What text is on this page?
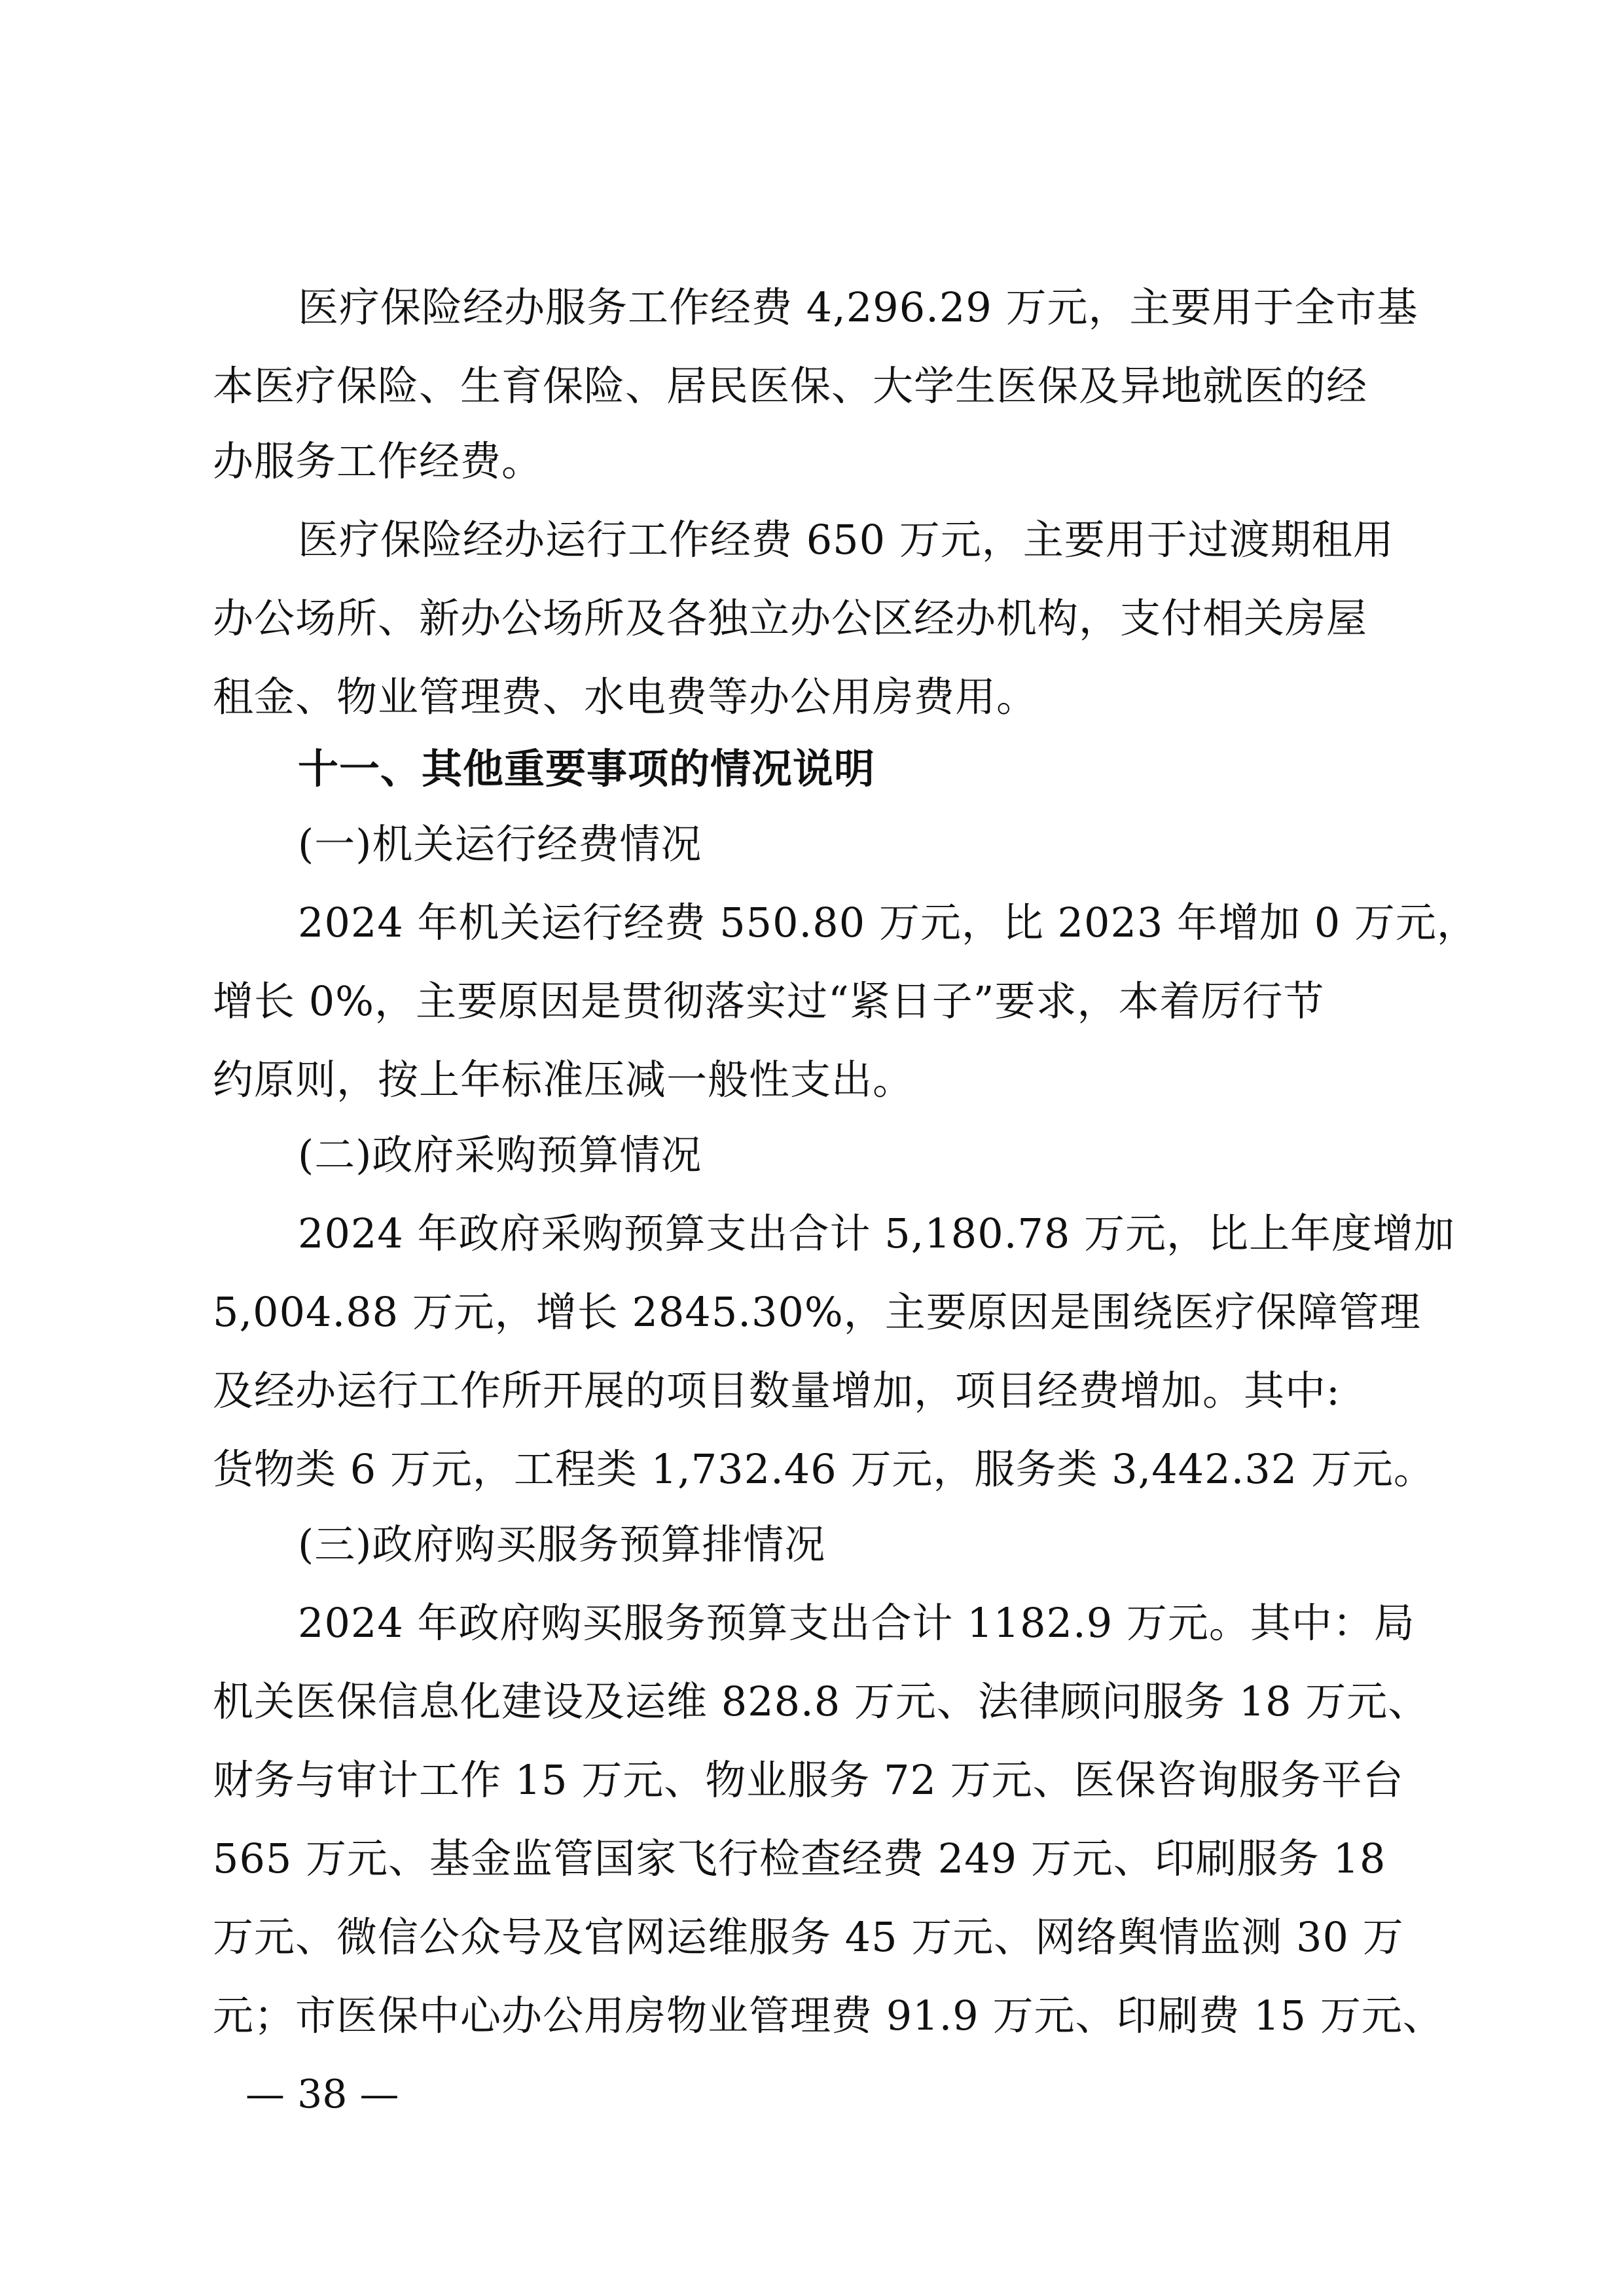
医疗保险经办服务工作经费 4,296.29 万元，主要用于全市基
本医疗保险、生育保险、居民医保、大学生医保及异地就医的经
办服务工作经费。
医疗保险经办运行工作经费 650 万元，主要用于过渡期租用
办公场所、新办公场所及各独立办公区经办机构，支付相关房屋
租金、物业管理费、水电费等办公用房费用。
十一、其他重要事项的情况说明
(一)机关运行经费情况
2024 年机关运行经费 550.80 万元，比 2023 年增加 0 万元，
增长 0%，主要原因是贯彻落实过“紧日子”要求，本着厉行节
约原则，按上年标准压减一般性支出。
(二)政府采购预算情况
2024 年政府采购预算支出合计 5,180.78 万元，比上年度增加
5,004.88 万元，增长 2845.30%，主要原因是围绕医疗保障管理
及经办运行工作所开展的项目数量增加，项目经费增加。其中:
货物类 6 万元，工程类 1,732.46 万元，服务类 3,442.32 万元。
(三)政府购买服务预算排情况
2024 年政府购买服务预算支出合计 1182.9 万元。其中：局
机关医保信息化建设及运维 828.8 万元、法律顾问服务 18 万元、
财务与审计工作 15 万元、物业服务 72 万元、医保咨询服务平台
565 万元、基金监管国家飞行检查经费 249 万元、印刷服务 18
万元、微信公众号及官网运维服务 45 万元、网络舆情监测 30 万
元；市医保中心办公用房物业管理费 91.9 万元、印刷费 15 万元、
— 38 —
